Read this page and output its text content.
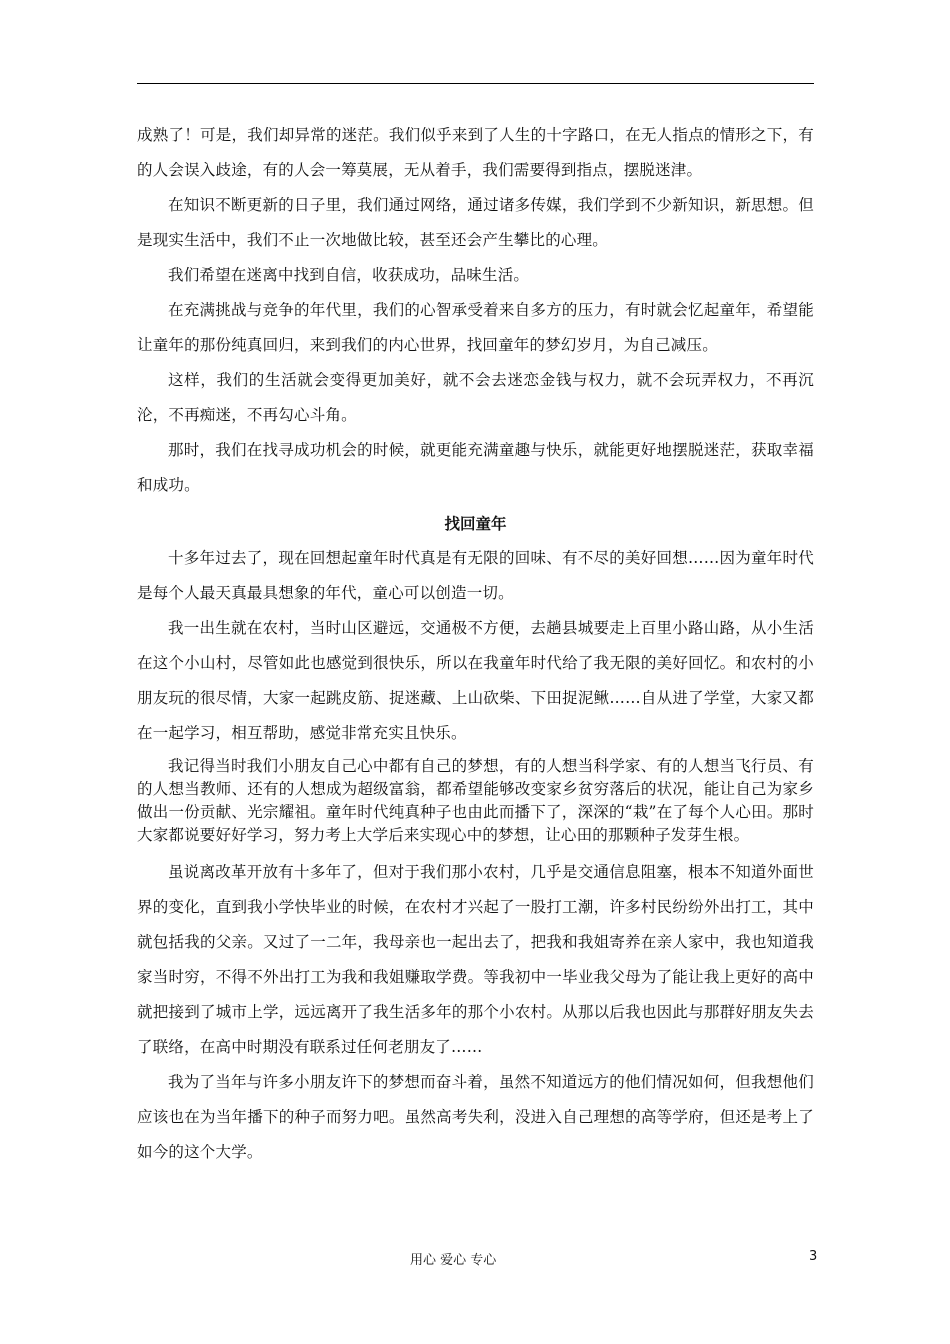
成熟了！可是，我们却异常的迷茫。我们似乎来到了人生的十字路口，在无人指点的情形之下，有的人会误入歧途，有的人会一筹莫展，无从着手，我们需要得到指点，摆脱迷津。

在知识不断更新的日子里，我们通过网络，通过诸多传媒，我们学到不少新知识，新思想。但是现实生活中，我们不止一次地做比较，甚至还会产生攀比的心理。

我们希望在迷离中找到自信，收获成功，品味生活。

在充满挑战与竞争的年代里，我们的心智承受着来自多方的压力，有时就会忆起童年，希望能让童年的那份纯真回归，来到我们的内心世界，找回童年的梦幻岁月，为自己减压。

这样，我们的生活就会变得更加美好，就不会去迷恋金钱与权力，就不会玩弄权力，不再沉沦，不再痴迷，不再勾心斗角。

那时，我们在找寻成功机会的时候，就更能充满童趣与快乐，就能更好地摆脱迷茫，获取幸福和成功。

找回童年

十多年过去了，现在回想起童年时代真是有无限的回味、有不尽的美好回想……因为童年时代是每个人最天真最具想象的年代，童心可以创造一切。

我一出生就在农村，当时山区避远，交通极不方便，去趟县城要走上百里小路山路，从小生活在这个小山村，尽管如此也感觉到很快乐，所以在我童年时代给了我无限的美好回忆。和农村的小朋友玩的很尽情，大家一起跳皮筋、捉迷藏、上山砍柴、下田捉泥鳅……自从进了学堂，大家又都在一起学习，相互帮助，感觉非常充实且快乐。

我记得当时我们小朋友自己心中都有自己的梦想，有的人想当科学家、有的人想当飞行员、有的人想当教师、还有的人想成为超级富翁，都希望能够改变家乡贫穷落后的状况，能让自己为家乡做出一份贡献、光宗耀祖。童年时代纯真种子也由此而播下了，深深的“栽”在了每个人心田。那时大家都说要好好学习，努力考上大学后来实现心中的梦想，让心田的那颗种子发芽生根。

虽说离改革开放有十多年了，但对于我们那小农村，几乎是交通信息阻塞，根本不知道外面世界的变化，直到我小学快毕业的时候，在农村才兴起了一股打工潮，许多村民纷纷外出打工，其中就包括我的父亲。又过了一二年，我母亲也一起出去了，把我和我姐寄养在亲人家中，我也知道我家当时穷，不得不外出打工为我和我姐赚取学费。等我初中一毕业我父母为了能让我上更好的高中就把接到了城市上学，远远离开了我生活多年的那个小农村。从那以后我也因此与那群好朋友失去了联络，在高中时期没有联系过任何老朋友了……

我为了当年与许多小朋友许下的梦想而奋斗着，虽然不知道远方的他们情况如何，但我想他们应该也在为当年播下的种子而努力吧。虽然高考失利，没进入自己理想的高等学府，但还是考上了如今的这个大学。

用心 爱心 专心	3
